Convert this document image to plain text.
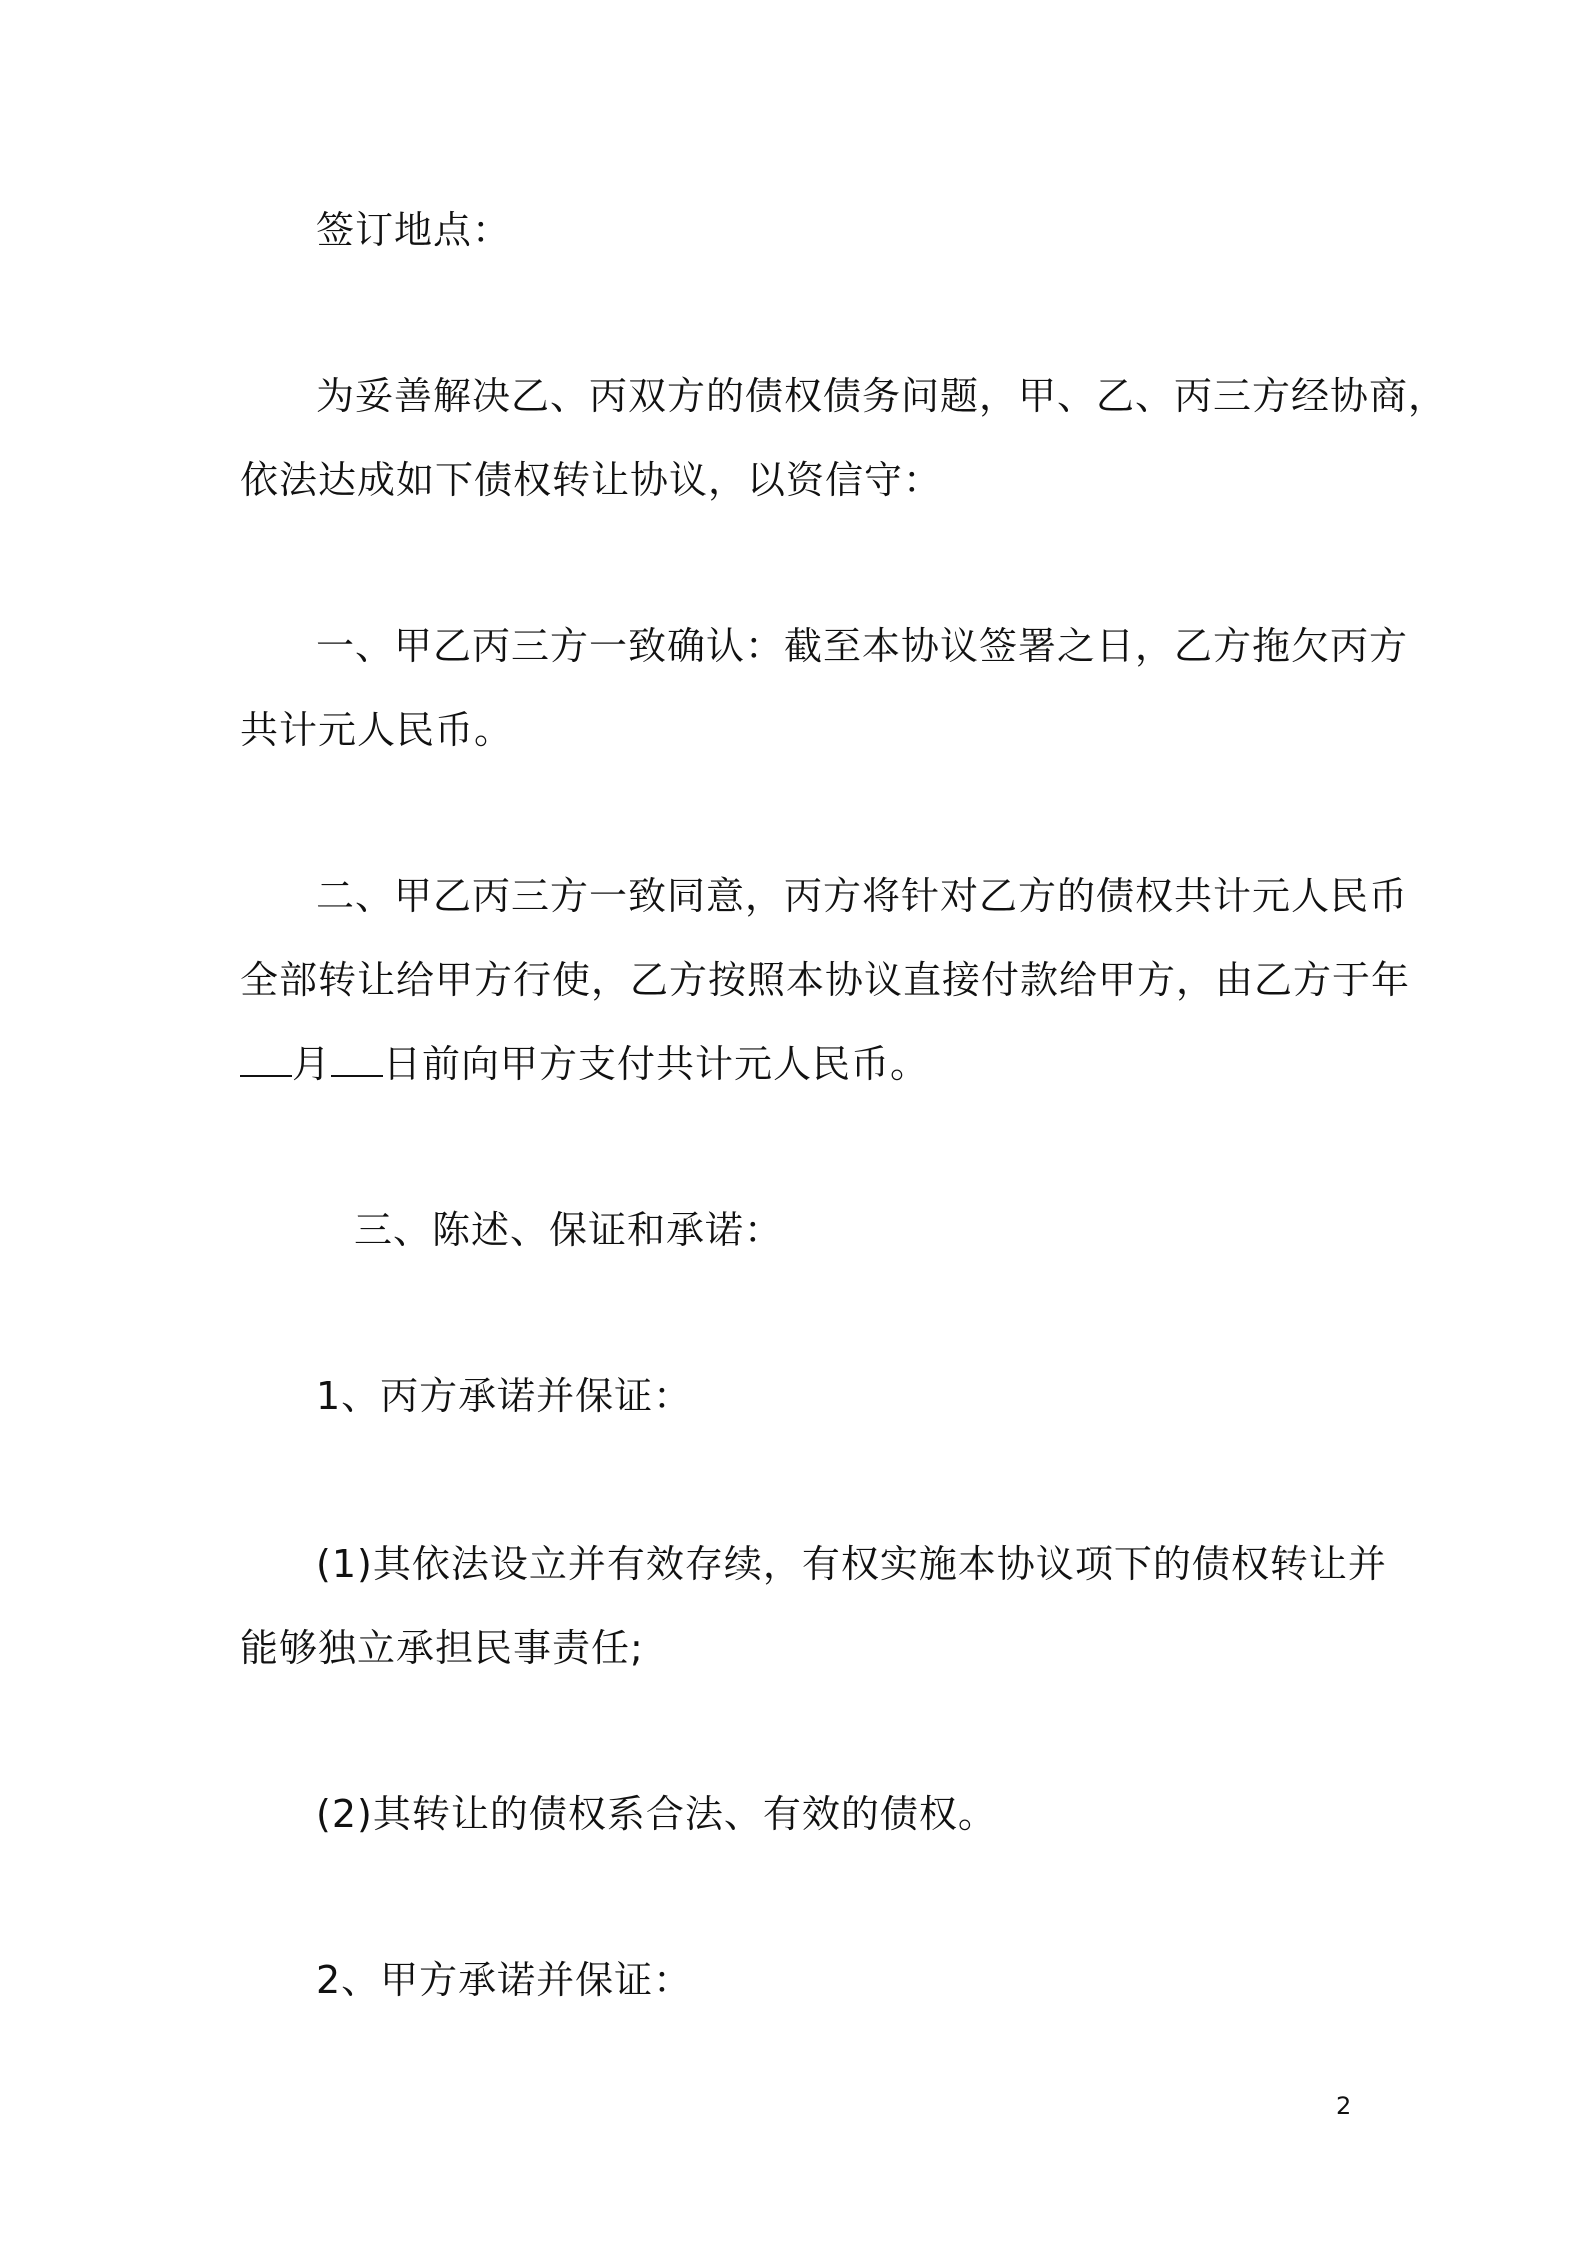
签订地点：
为妥善解决乙、丙双方的债权债务问题，甲、乙、丙三方经协商，
依法达成如下债权转让协议，以资信守：
一、甲乙丙三方一致确认：截至本协议签署之日，乙方拖欠丙方
共计元人民币。
二、甲乙丙三方一致同意，丙方将针对乙方的债权共计元人民币
全部转让给甲方行使，乙方按照本协议直接付款给甲方，由乙方于年
月 日前向甲方支付共计元人民币。
三、陈述、保证和承诺：
1、丙方承诺并保证：
(1)其依法设立并有效存续，有权实施本协议项下的债权转让并
能够独立承担民事责任;
(2)其转让的债权系合法、有效的债权。
2、甲方承诺并保证：
2
